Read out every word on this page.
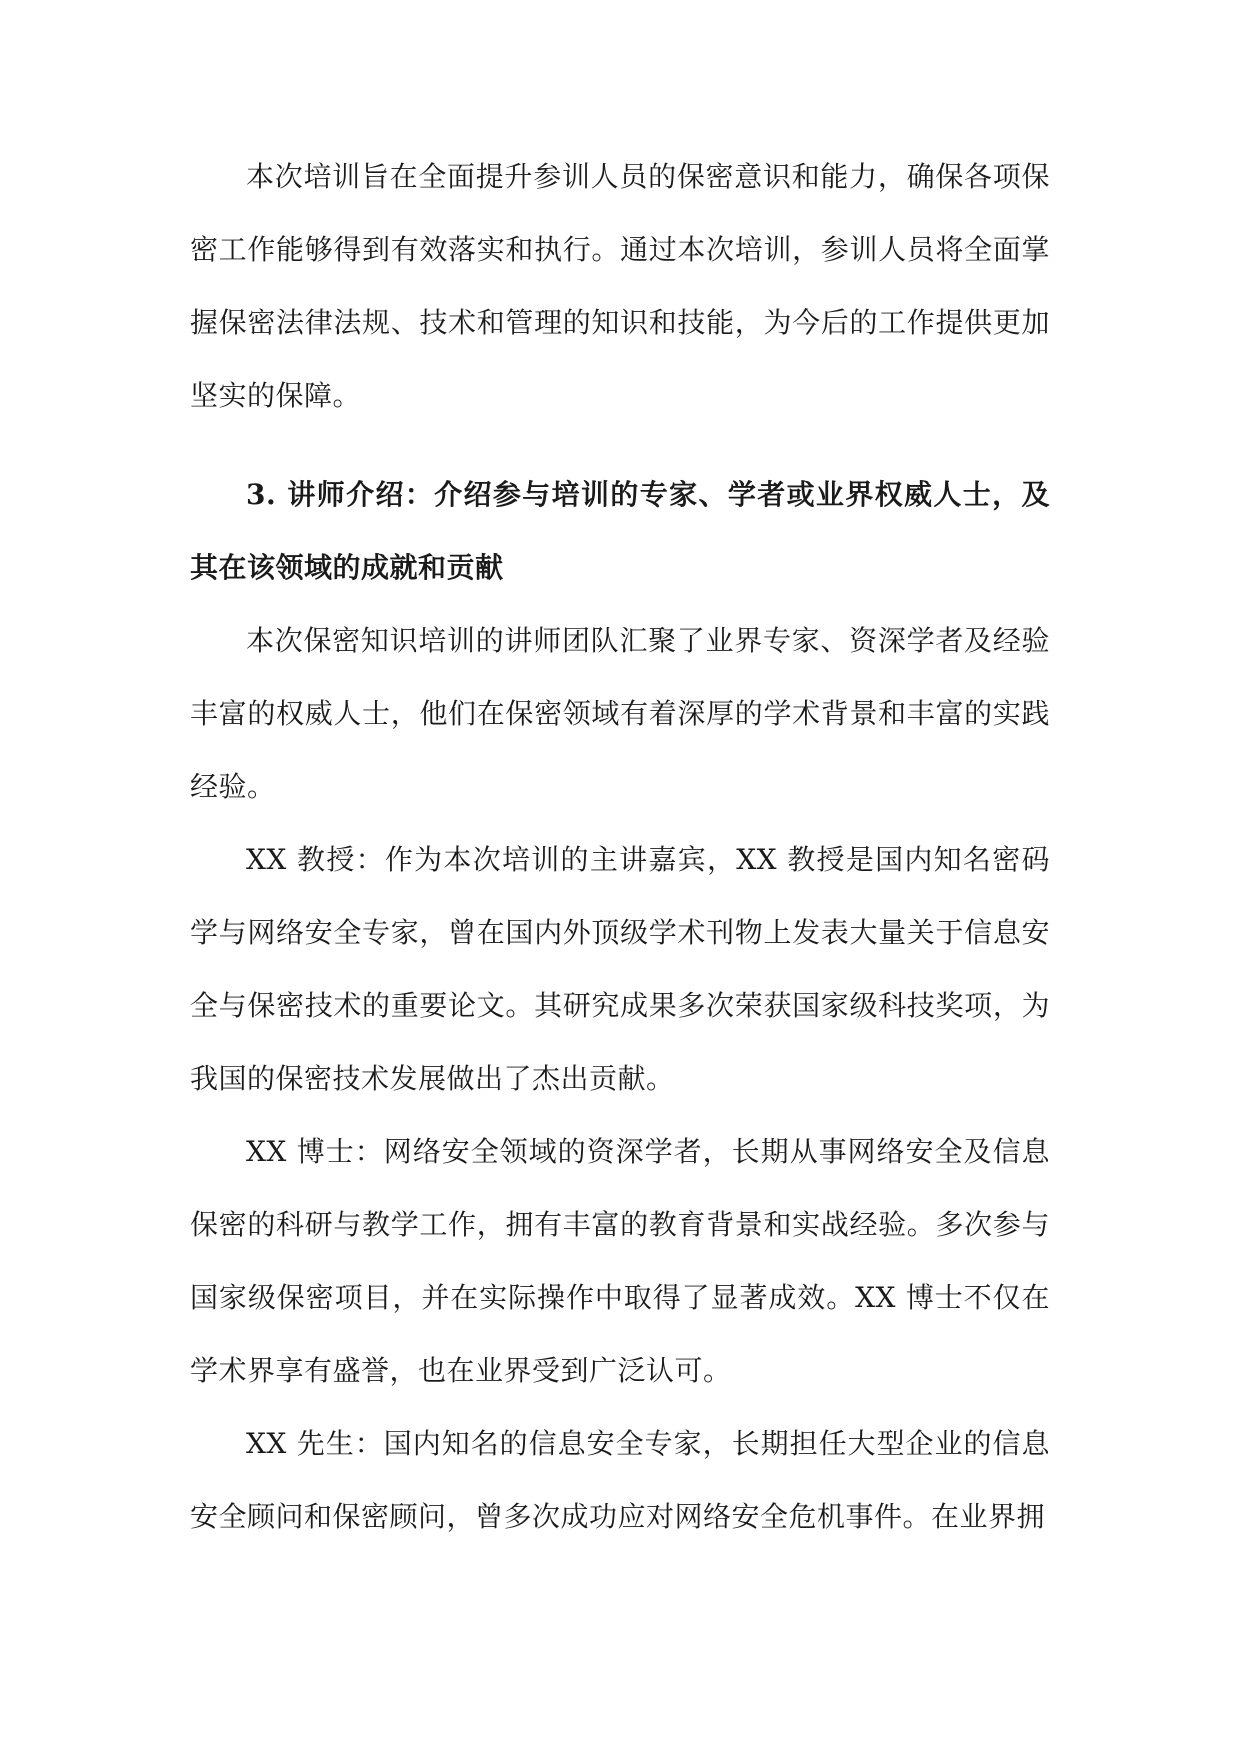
本次培训旨在全面提升参训人员的保密意识和能力，确保各项保密工作能够得到有效落实和执行。通过本次培训，参训人员将全面掌握保密法律法规、技术和管理的知识和技能，为今后的工作提供更加坚实的保障。

3. 讲师介绍：介绍参与培训的专家、学者或业界权威人士，及其在该领域的成就和贡献

本次保密知识培训的讲师团队汇聚了业界专家、资深学者及经验丰富的权威人士，他们在保密领域有着深厚的学术背景和丰富的实践经验。

XX 教授：作为本次培训的主讲嘉宾，XX 教授是国内知名密码学与网络安全专家，曾在国内外顶级学术刊物上发表大量关于信息安全与保密技术的重要论文。其研究成果多次荣获国家级科技奖项，为我国的保密技术发展做出了杰出贡献。

XX 博士：网络安全领域的资深学者，长期从事网络安全及信息保密的科研与教学工作，拥有丰富的教育背景和实战经验。多次参与国家级保密项目，并在实际操作中取得了显著成效。XX 博士不仅在学术界享有盛誉，也在业界受到广泛认可。

XX 先生：国内知名的信息安全专家，长期担任大型企业的信息安全顾问和保密顾问，曾多次成功应对网络安全危机事件。在业界拥
